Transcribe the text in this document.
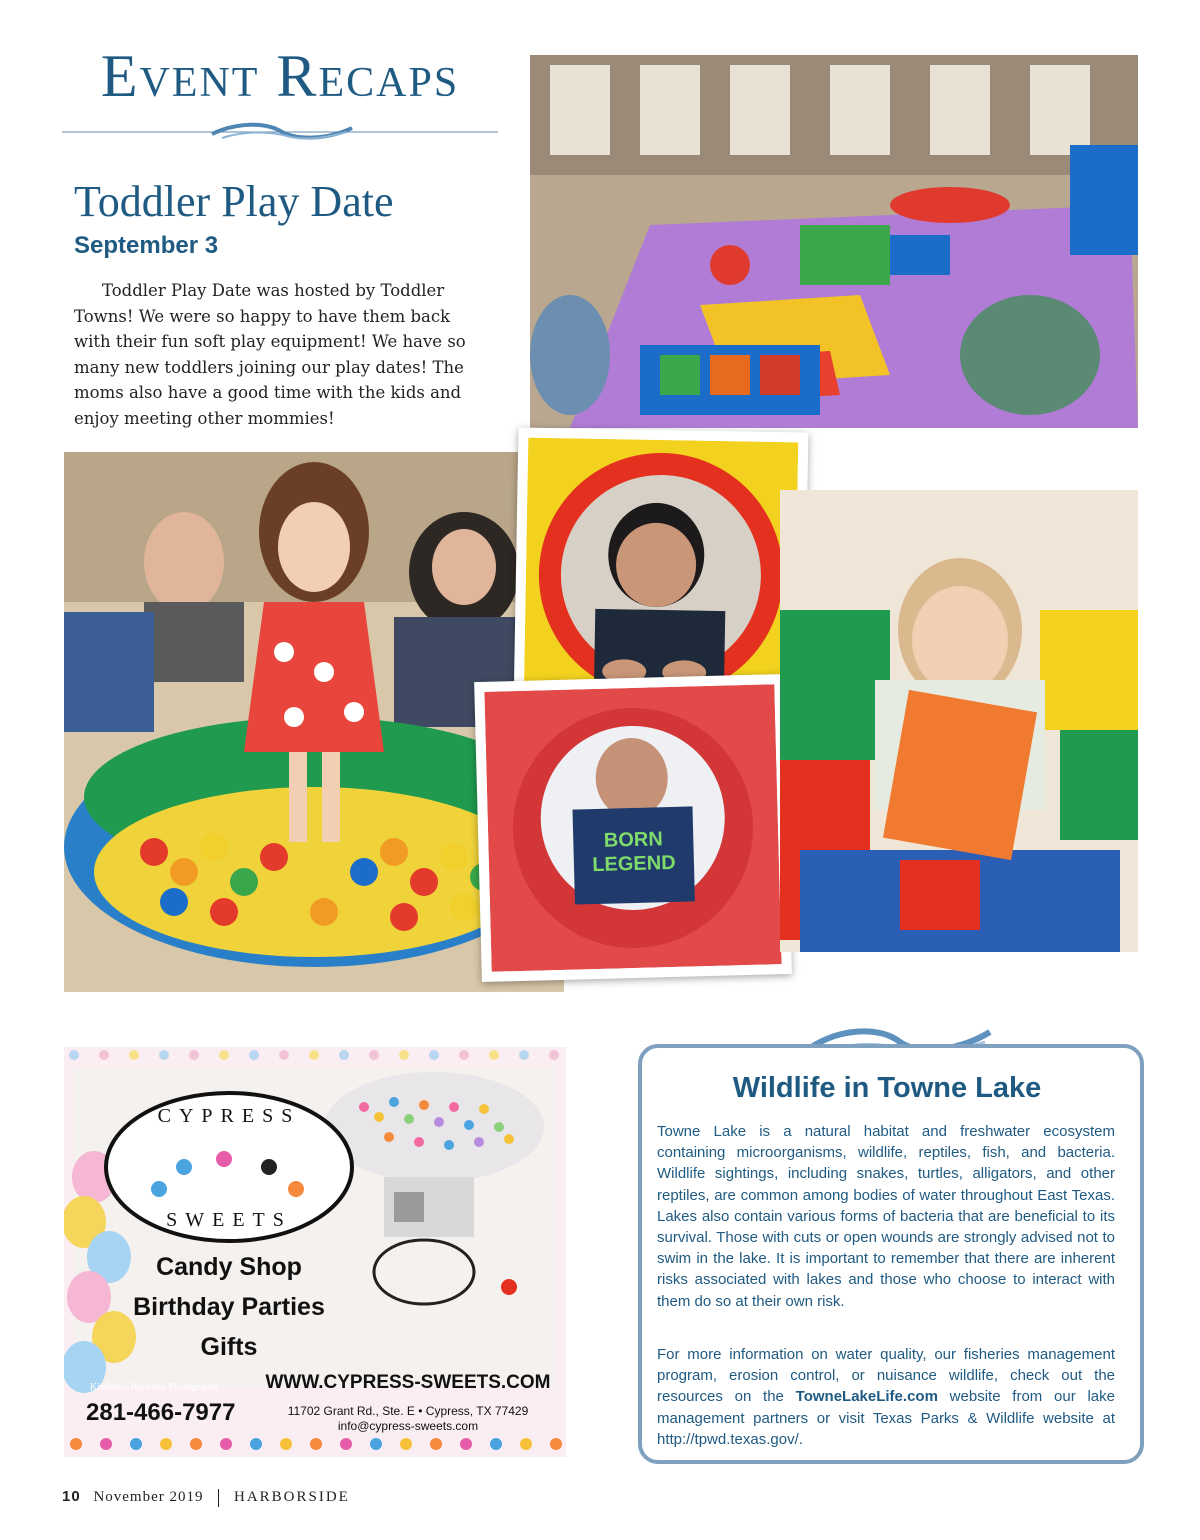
Event Recaps
Toddler Play Date
September 3
Toddler Play Date was hosted by Toddler Towns! We were so happy to have them back with their fun soft play equipment! We have so many new toddlers joining our play dates! The moms also have a good time with the kids and enjoy meeting other mommies!
BORN
LEGEND
CYPRESS
SWEETS
Candy Shop
Birthday Parties
Gifts
Kimberly Rachelle Photography	WWW.CYPRESS-SWEETS.COM
281-466-7977	11702 Grant Rd., Ste. E • Cypress, TX 77429
info@cypress-sweets.com
Wildlife in Towne Lake
Towne Lake is a natural habitat and freshwater ecosystem containing microorganisms, wildlife, reptiles, fish, and bacteria. Wildlife sightings, including snakes, turtles, alligators, and other reptiles, are common among bodies of water throughout East Texas. Lakes also contain various forms of bacteria that are beneficial to its survival. Those with cuts or open wounds are strongly advised not to swim in the lake. It is important to remember that there are inherent risks associated with lakes and those who choose to interact with them do so at their own risk.
For more information on water quality, our fisheries management program, erosion control, or nuisance wildlife, check out the resources on the TowneLakeLife.com website from our lake management partners or visit Texas Parks & Wildlife website at http://tpwd.texas.gov/.
10 November 2019 HARBORSIDE
